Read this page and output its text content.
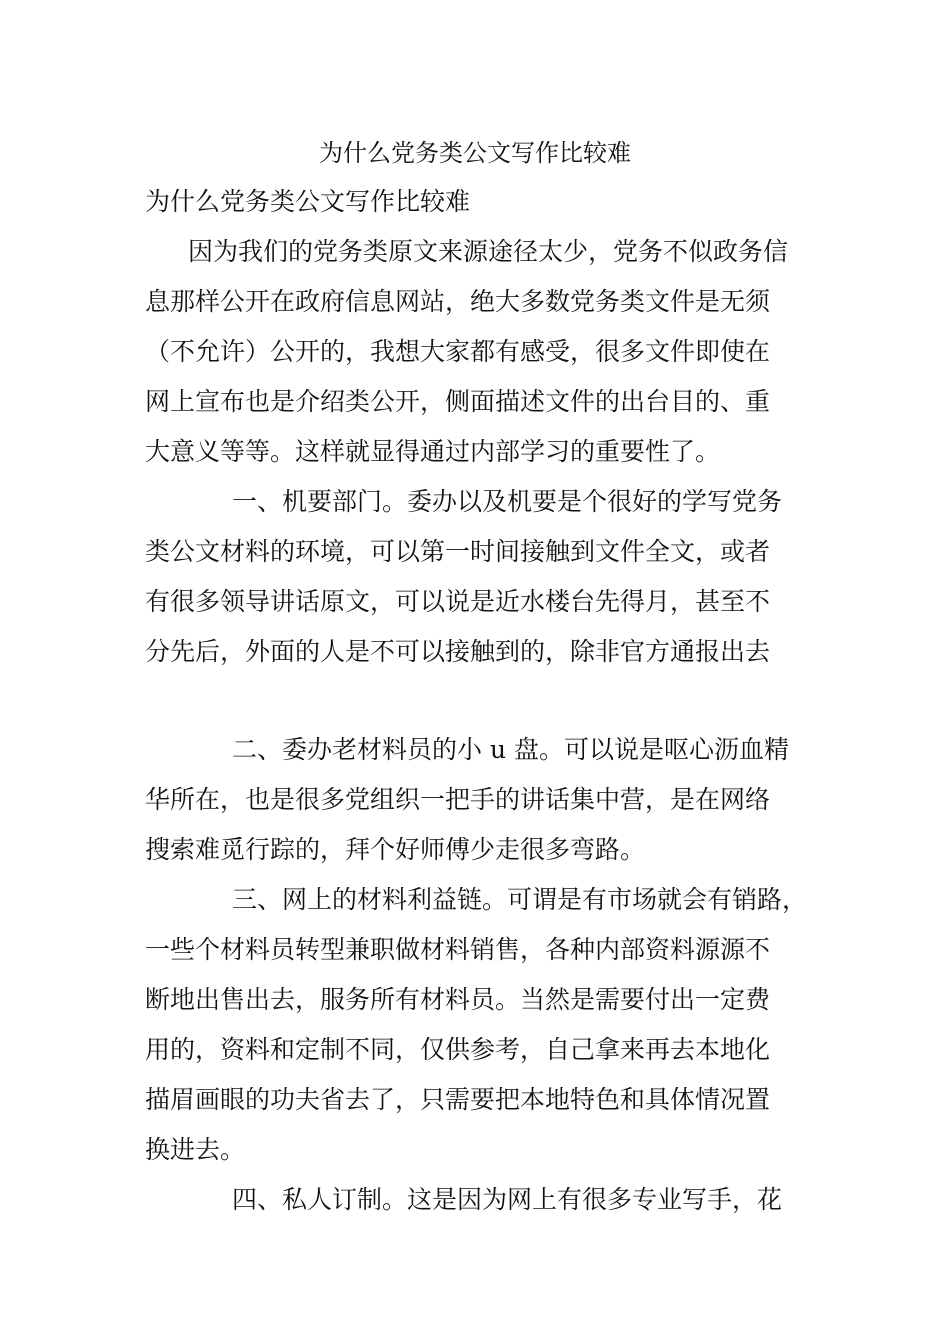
为什么党务类公文写作比较难
为什么党务类公文写作比较难
因为我们的党务类原文来源途径太少，党务不似政务信
息那样公开在政府信息网站，绝大多数党务类文件是无须
（不允许）公开的，我想大家都有感受，很多文件即使在
网上宣布也是介绍类公开，侧面描述文件的出台目的、重
大意义等等。这样就显得通过内部学习的重要性了。
一、机要部门。委办以及机要是个很好的学写党务
类公文材料的环境，可以第一时间接触到文件全文，或者
有很多领导讲话原文，可以说是近水楼台先得月，甚至不
分先后，外面的人是不可以接触到的，除非官方通报出去
二、委办老材料员的小 u 盘。可以说是呕心沥血精
华所在，也是很多党组织一把手的讲话集中营，是在网络
搜索难觅行踪的，拜个好师傅少走很多弯路。
三、网上的材料利益链。可谓是有市场就会有销路，
一些个材料员转型兼职做材料销售，各种内部资料源源不
断地出售出去，服务所有材料员。当然是需要付出一定费
用的，资料和定制不同，仅供参考，自己拿来再去本地化
描眉画眼的功夫省去了，只需要把本地特色和具体情况置
换进去。
四、私人订制。这是因为网上有很多专业写手，花
